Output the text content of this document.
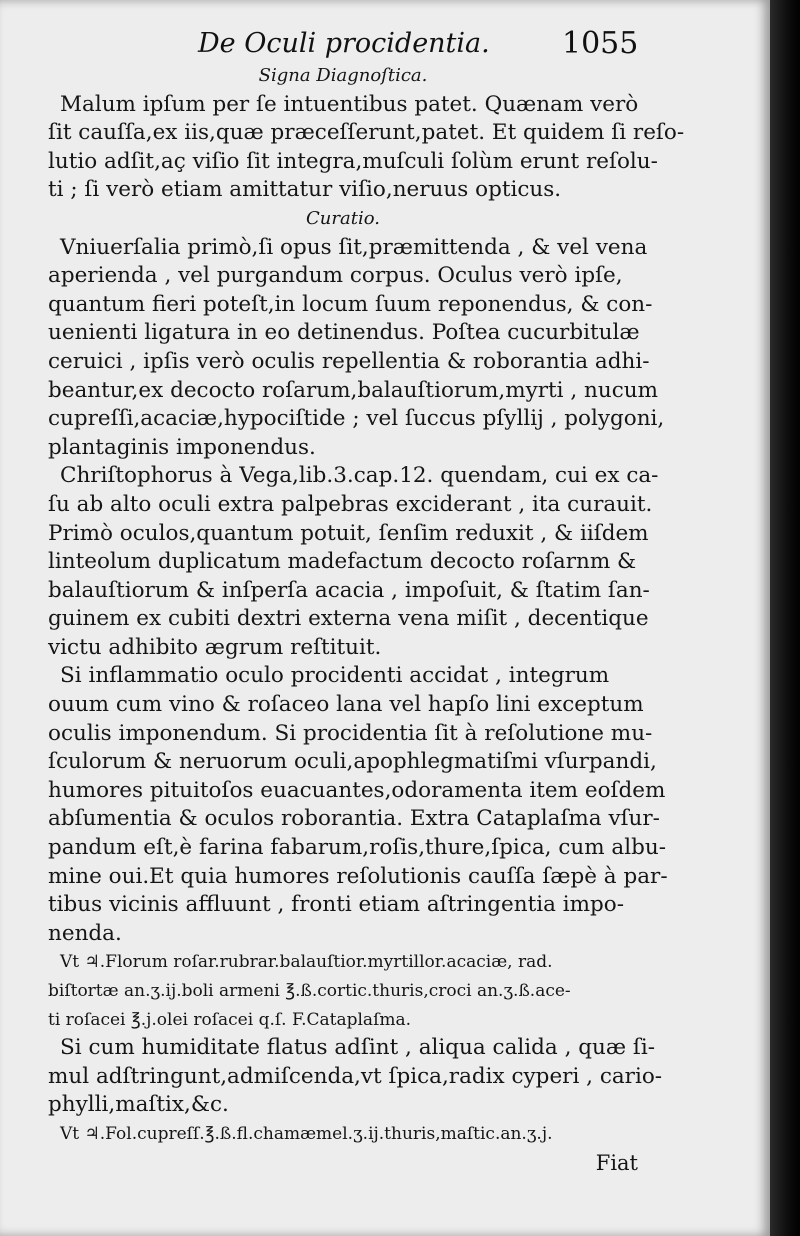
De Oculi procidentia. 1055
Signa Diagnoſtica.
Malum ipſum per ſe intuentibus patet. Quænam verò
ſit cauſſa,ex iis,quæ præceſſerunt,patet. Et quidem ſi reſo-
lutio adſit,aç viſio ſit integra,muſculi ſolùm erunt reſolu-
ti ; ſi verò etiam amittatur viſio,neruus opticus.
Curatio.
Vniuerſalia primò,ſi opus ſit,præmittenda , & vel vena
aperienda , vel purgandum corpus. Oculus verò ipſe,
quantum fieri poteſt,in locum ſuum reponendus, & con-
uenienti ligatura in eo detinendus. Poſtea cucurbitulæ
ceruici , ipſis verò oculis repellentia & roborantia adhi-
beantur,ex decocto roſarum,balauſtiorum,myrti , nucum
cupreſſi,acaciæ,hypociſtide ; vel ſuccus pſyllij , polygoni,
plantaginis imponendus.
Chriſtophorus à Vega,lib.3.cap.12. quendam, cui ex ca-
ſu ab alto oculi extra palpebras exciderant , ita curauit.
Primò oculos,quantum potuit, ſenſim reduxit , & iiſdem
linteolum duplicatum madefactum decocto roſarnm &
balauſtiorum & inſperſa acacia , impoſuit, & ſtatim ſan-
guinem ex cubiti dextri externa vena miſit , decentique
victu adhibito ægrum reſtituit.
Si inflammatio oculo procidenti accidat , integrum
ouum cum vino & roſaceo lana vel hapſo lini exceptum
oculis imponendum. Si procidentia ſit à reſolutione mu-
ſculorum & neruorum oculi,apophlegmatiſmi vſurpandi,
humores pituitoſos euacuantes,odoramenta item eoſdem
abſumentia & oculos roborantia. Extra Cataplaſma vſur-
pandum eſt,è farina fabarum,roſis,thure,ſpica, cum albu-
mine oui.Et quia humores reſolutionis cauſſa ſæpè à par-
tibus vicinis affluunt , fronti etiam aſtringentia impo-
nenda.
Vt ♃.Florum roſar.rubrar.balauſtior.myrtillor.acaciæ, rad.
biſtortæ an.ʒ.ij.boli armeni ℥.ß.cortic.thuris,croci an.ʒ.ß.ace-
ti roſacei ℥.j.olei roſacei q.ſ. F.Cataplaſma.
Si cum humiditate flatus adſint , aliqua calida , quæ ſi-
mul adſtringunt,admiſcenda,vt ſpica,radix cyperi , cario-
phylli,maſtix,&c.
Vt ♃.Fol.cupreſſ.℥.ß.fl.chamæmel.ʒ.ij.thuris,maſtic.an.ʒ.j.
Fiat
